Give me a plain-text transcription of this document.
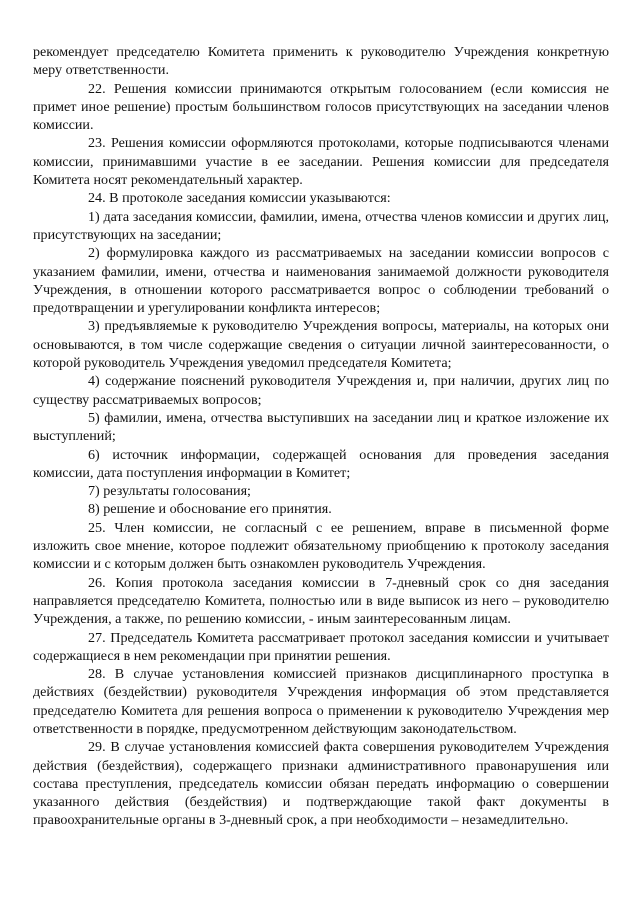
рекомендует председателю Комитета применить к руководителю Учреждения конкретную меру ответственности.

22. Решения комиссии принимаются открытым голосованием (если комиссия не примет иное решение) простым большинством голосов присутствующих на заседании членов комиссии.

23. Решения комиссии оформляются протоколами, которые подписываются членами комиссии, принимавшими участие в ее заседании. Решения комиссии для председателя Комитета носят рекомендательный характер.

24. В протоколе заседания комиссии указываются:

1) дата заседания комиссии, фамилии, имена, отчества членов комиссии и других лиц, присутствующих на заседании;

2) формулировка каждого из рассматриваемых на заседании комиссии вопросов с указанием фамилии, имени, отчества и наименования занимаемой должности руководителя Учреждения, в отношении которого рассматривается вопрос о соблюдении требований о предотвращении и урегулировании конфликта интересов;

3) предъявляемые к руководителю Учреждения вопросы, материалы, на которых они основываются, в том числе содержащие сведения о ситуации личной заинтересованности, о которой руководитель Учреждения уведомил председателя Комитета;

4) содержание пояснений руководителя Учреждения и, при наличии, других лиц по существу рассматриваемых вопросов;

5) фамилии, имена, отчества выступивших на заседании лиц и краткое изложение их выступлений;

6) источник информации, содержащей основания для проведения заседания комиссии, дата поступления информации в Комитет;

7) результаты голосования;

8) решение и обоснование его принятия.

25. Член комиссии, не согласный с ее решением, вправе в письменной форме изложить свое мнение, которое подлежит обязательному приобщению к протоколу заседания комиссии и с которым должен быть ознакомлен руководитель Учреждения.

26. Копия протокола заседания комиссии в 7-дневный срок со дня заседания направляется председателю Комитета, полностью или в виде выписок из него – руководителю Учреждения, а также, по решению комиссии, - иным заинтересованным лицам.

27. Председатель Комитета рассматривает протокол заседания комиссии и учитывает содержащиеся в нем рекомендации при принятии решения.

28. В случае установления комиссией признаков дисциплинарного проступка в действиях (бездействии) руководителя Учреждения информация об этом представляется председателю Комитета для решения вопроса о применении к руководителю Учреждения мер ответственности в порядке, предусмотренном действующим законодательством.

29. В случае установления комиссией факта совершения руководителем Учреждения действия (бездействия), содержащего признаки административного правонарушения или состава преступления, председатель комиссии обязан передать информацию о совершении указанного действия (бездействия) и подтверждающие такой факт документы в правоохранительные органы в 3-дневный срок, а при необходимости – незамедлительно.
